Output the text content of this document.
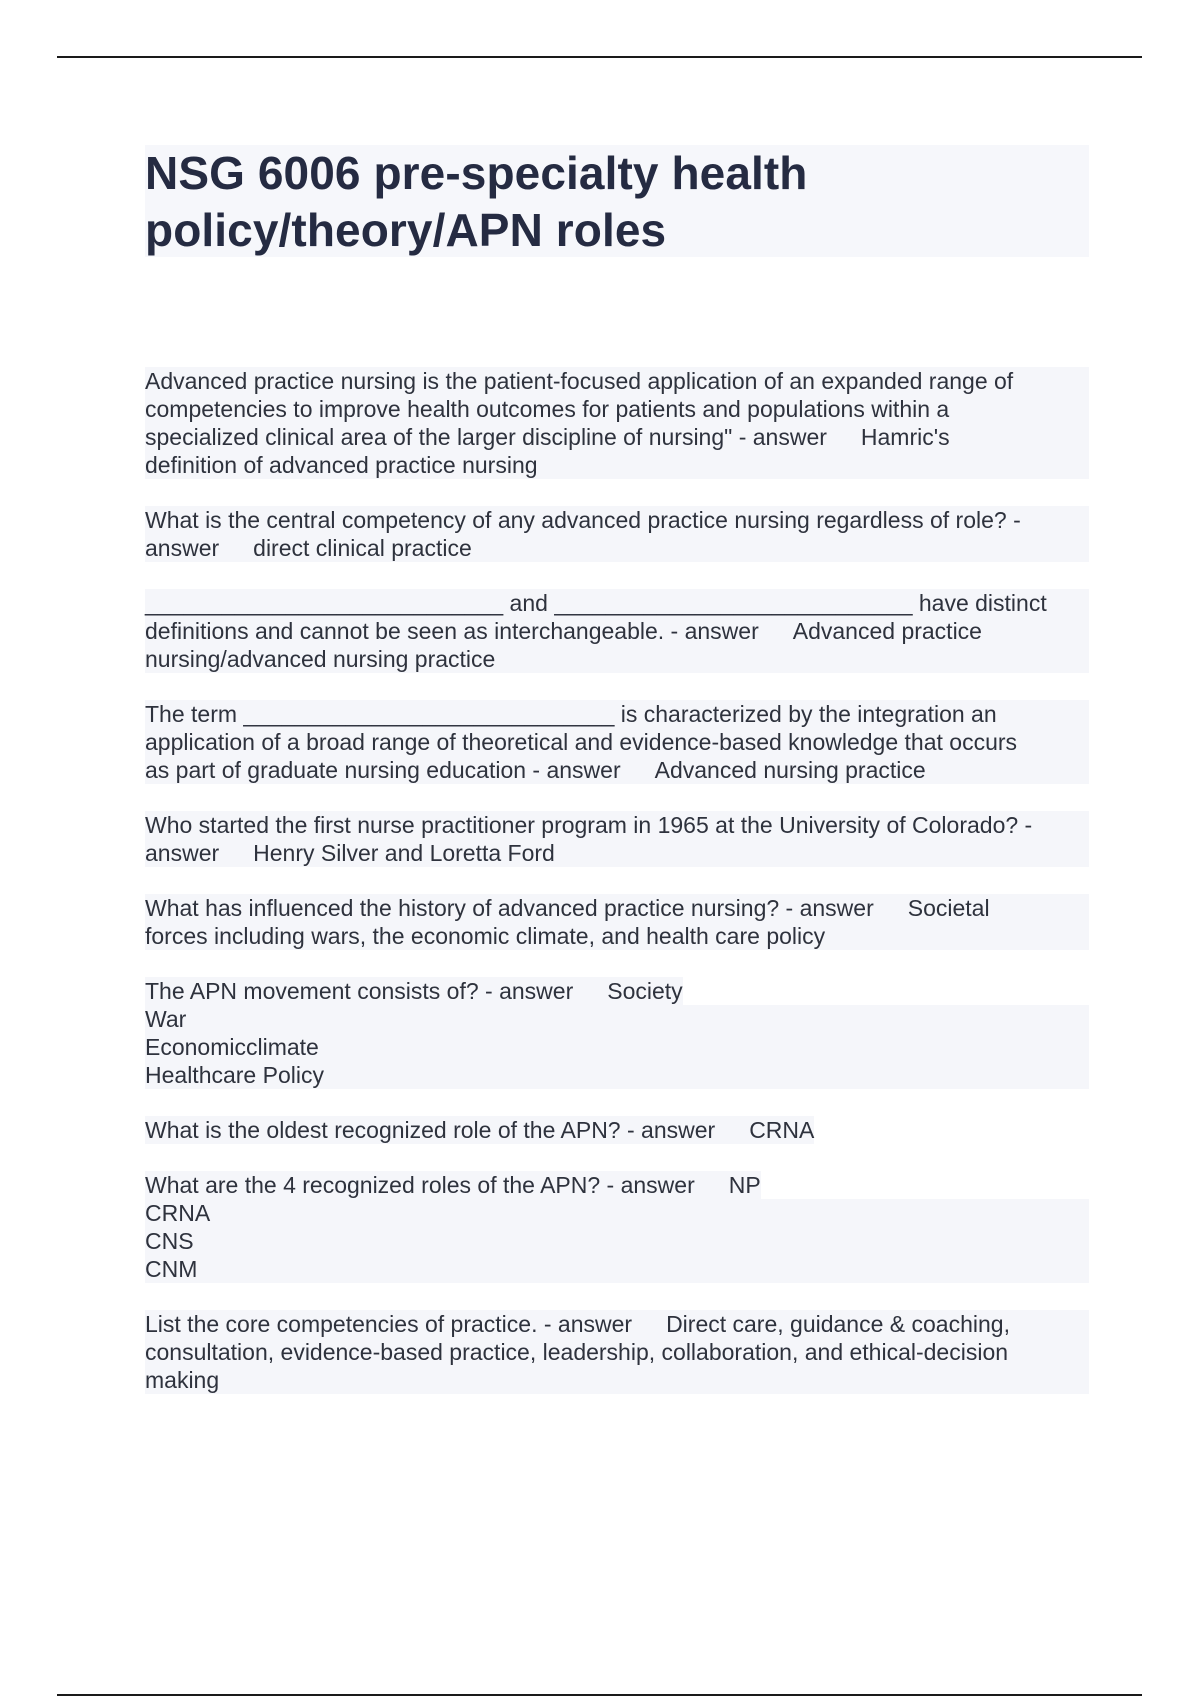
NSG 6006 pre-specialty health
policy/theory/APN roles
Advanced practice nursing is the patient-focused application of an expanded range of
competencies to improve health outcomes for patients and populations within a
specialized clinical area of the larger discipline of nursing" - answer Hamric's
definition of advanced practice nursing
What is the central competency of any advanced practice nursing regardless of role? -
answer direct clinical practice
____________________________ and ____________________________ have distinct
definitions and cannot be seen as interchangeable. - answer Advanced practice
nursing/advanced nursing practice
The term _____________________________ is characterized by the integration an
application of a broad range of theoretical and evidence-based knowledge that occurs
as part of graduate nursing education - answer Advanced nursing practice
Who started the first nurse practitioner program in 1965 at the University of Colorado? -
answer Henry Silver and Loretta Ford
What has influenced the history of advanced practice nursing? - answer Societal
forces including wars, the economic climate, and health care policy
The APN movement consists of? - answer Society
War
Economicclimate
Healthcare Policy
What is the oldest recognized role of the APN? - answer CRNA
What are the 4 recognized roles of the APN? - answer NP
CRNA
CNS
CNM
List the core competencies of practice. - answer Direct care, guidance & coaching,
consultation, evidence-based practice, leadership, collaboration, and ethical-decision
making
